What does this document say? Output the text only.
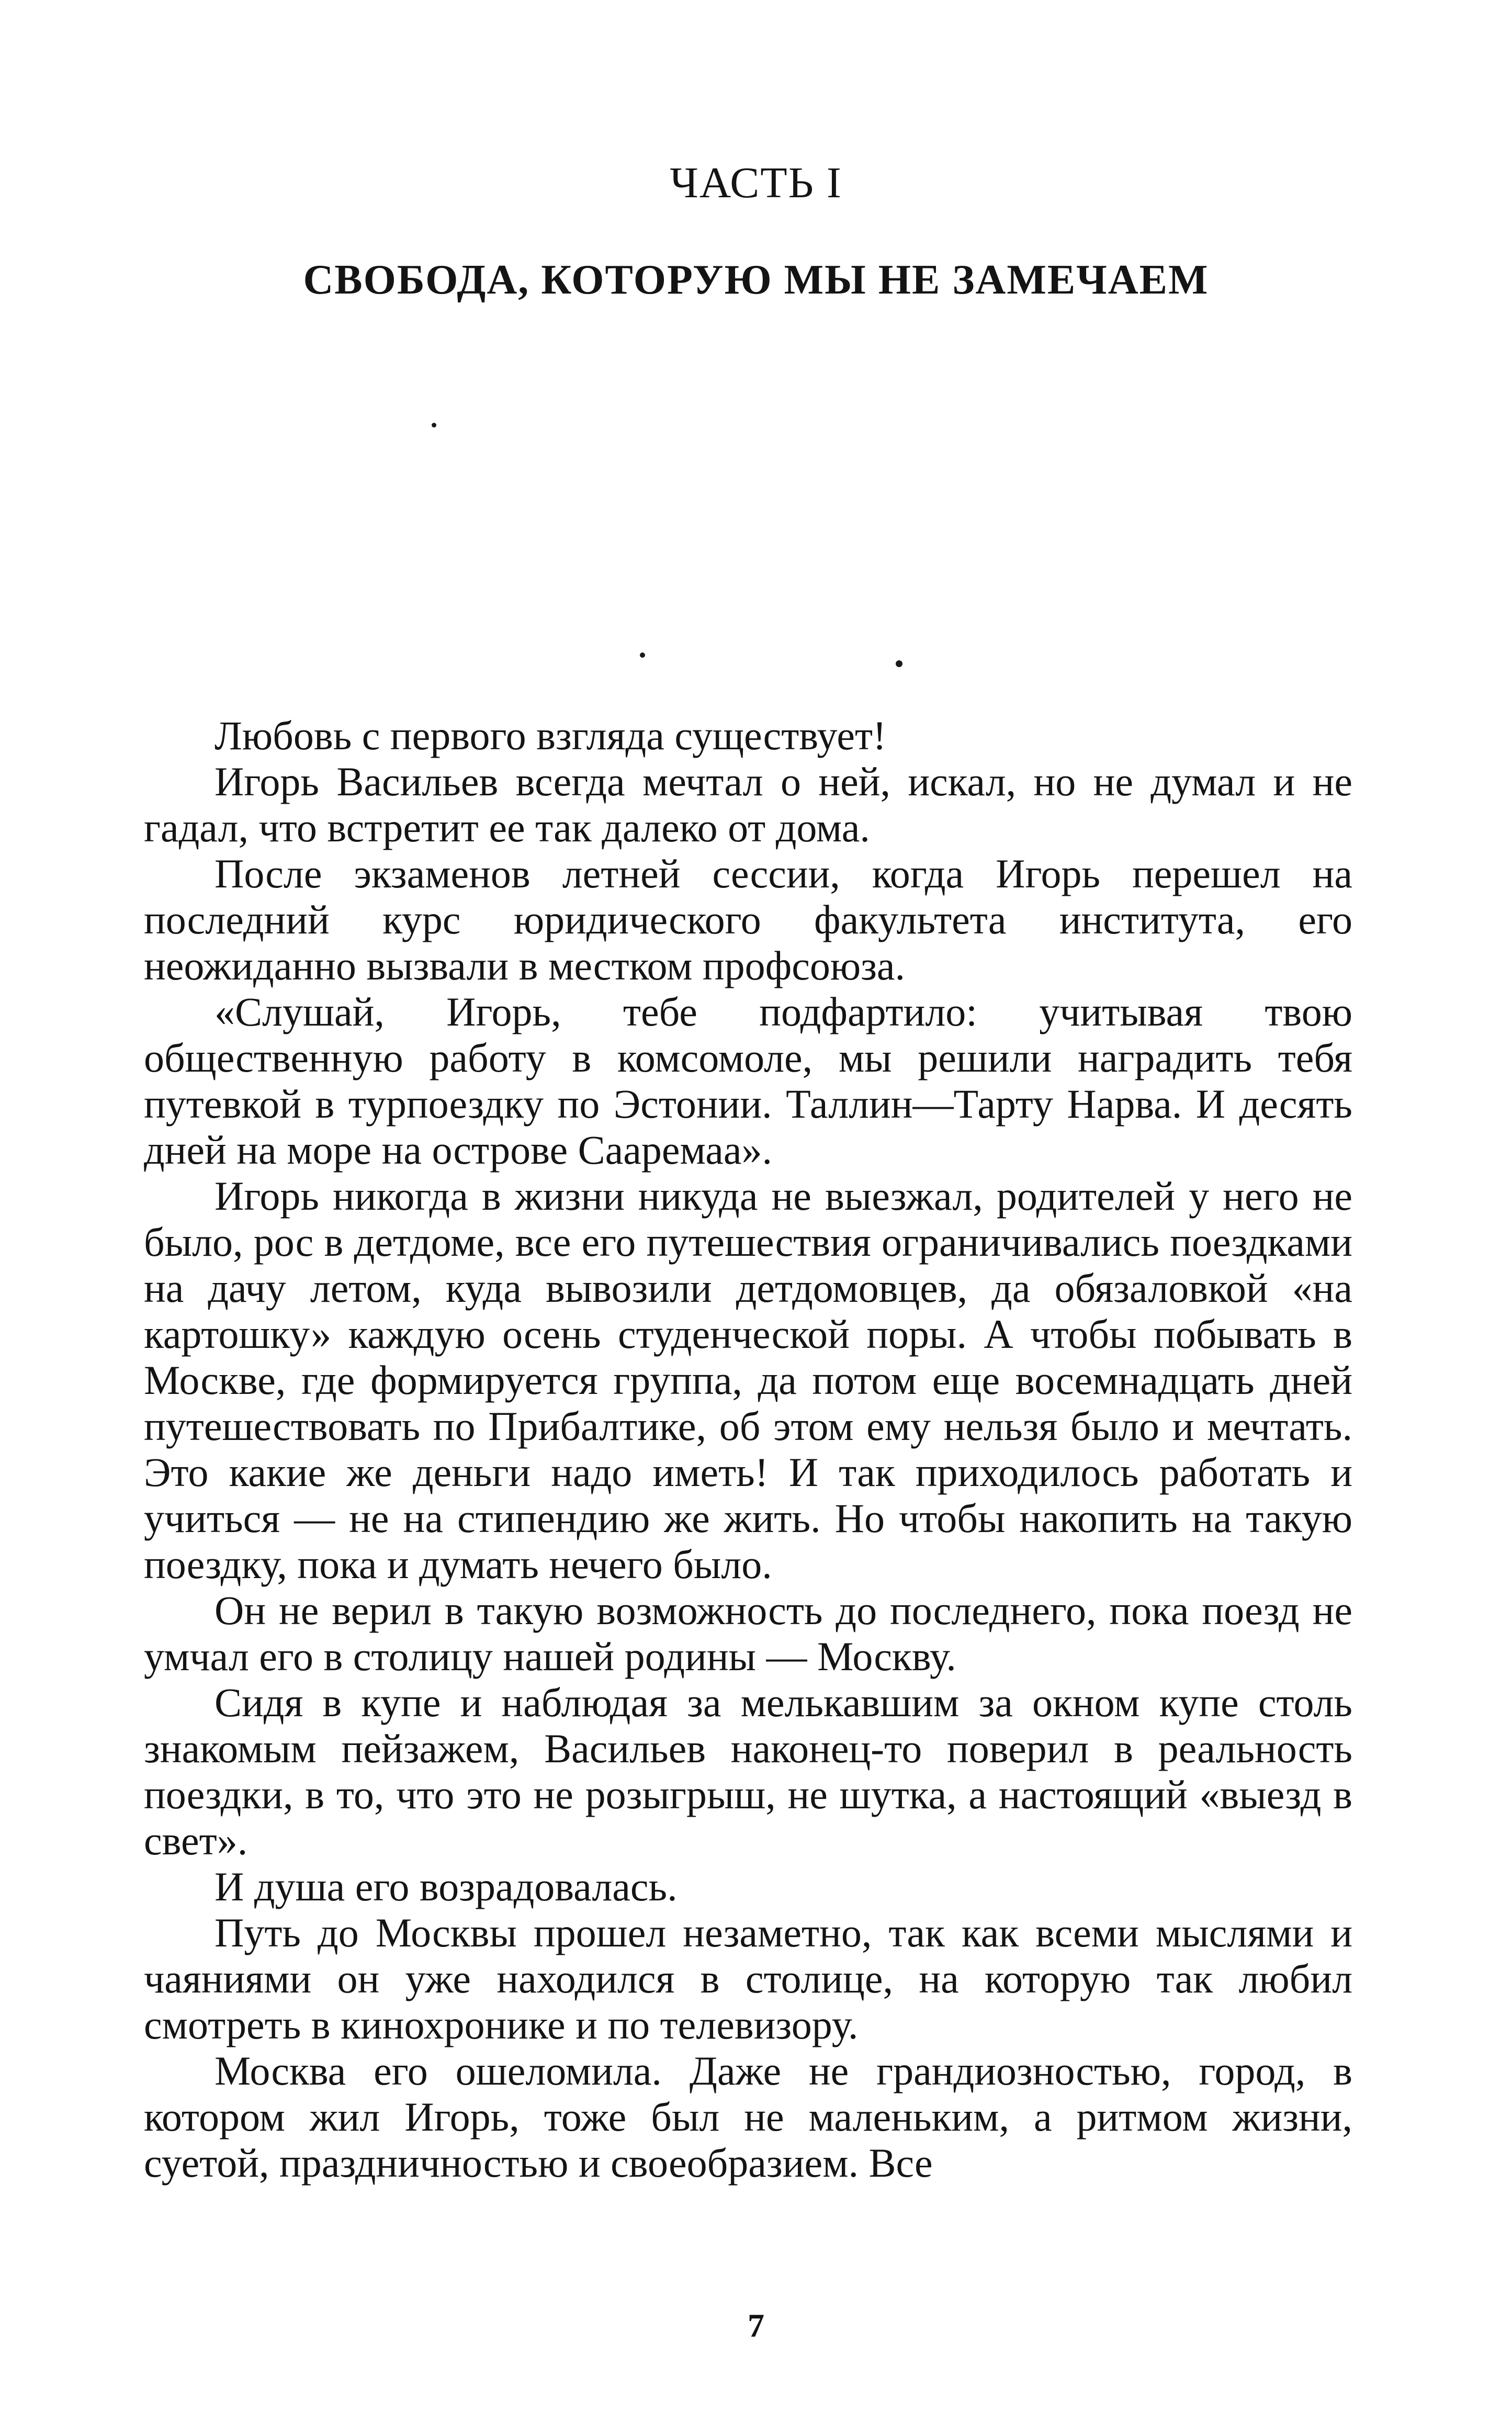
ЧАСТЬ I
СВОБОДА, КОТОРУЮ МЫ НЕ ЗАМЕЧАЕМ

Любовь с первого взгляда существует!

Игорь Васильев всегда мечтал о ней, искал, но не думал и не гадал, что встретит ее так далеко от дома.

После экзаменов летней сессии, когда Игорь перешел на последний курс юридического факультета института, его неожиданно вызвали в местком профсоюза.

«Слушай, Игорь, тебе подфартило: учитывая твою общественную работу в комсомоле, мы решили наградить тебя путевкой в турпоездку по Эстонии. Таллин—Тарту Нарва. И десять дней на море на острове Сааремаа».

Игорь никогда в жизни никуда не выезжал, родителей у него не было, рос в детдоме, все его путешествия ограничивались поездками на дачу летом, куда вывозили детдомовцев, да обязаловкой «на картошку» каждую осень студенческой поры. А чтобы побывать в Москве, где формируется группа, да потом еще восемнадцать дней путешествовать по Прибалтике, об этом ему нельзя было и мечтать. Это какие же деньги надо иметь! И так приходилось работать и учиться — не на стипендию же жить. Но чтобы накопить на такую поездку, пока и думать нечего было.

Он не верил в такую возможность до последнего, пока поезд не умчал его в столицу нашей родины — Москву.

Сидя в купе и наблюдая за мелькавшим за окном купе столь знакомым пейзажем, Васильев наконец-то поверил в реальность поездки, в то, что это не розыгрыш, не шутка, а настоящий «выезд в свет».

И душа его возрадовалась.

Путь до Москвы прошел незаметно, так как всеми мыслями и чаяниями он уже находился в столице, на которую так любил смотреть в кинохронике и по телевизору.

Москва его ошеломила. Даже не грандиозностью, город, в котором жил Игорь, тоже был не маленьким, а ритмом жизни, суетой, праздничностью и своеобразием. Все

7
